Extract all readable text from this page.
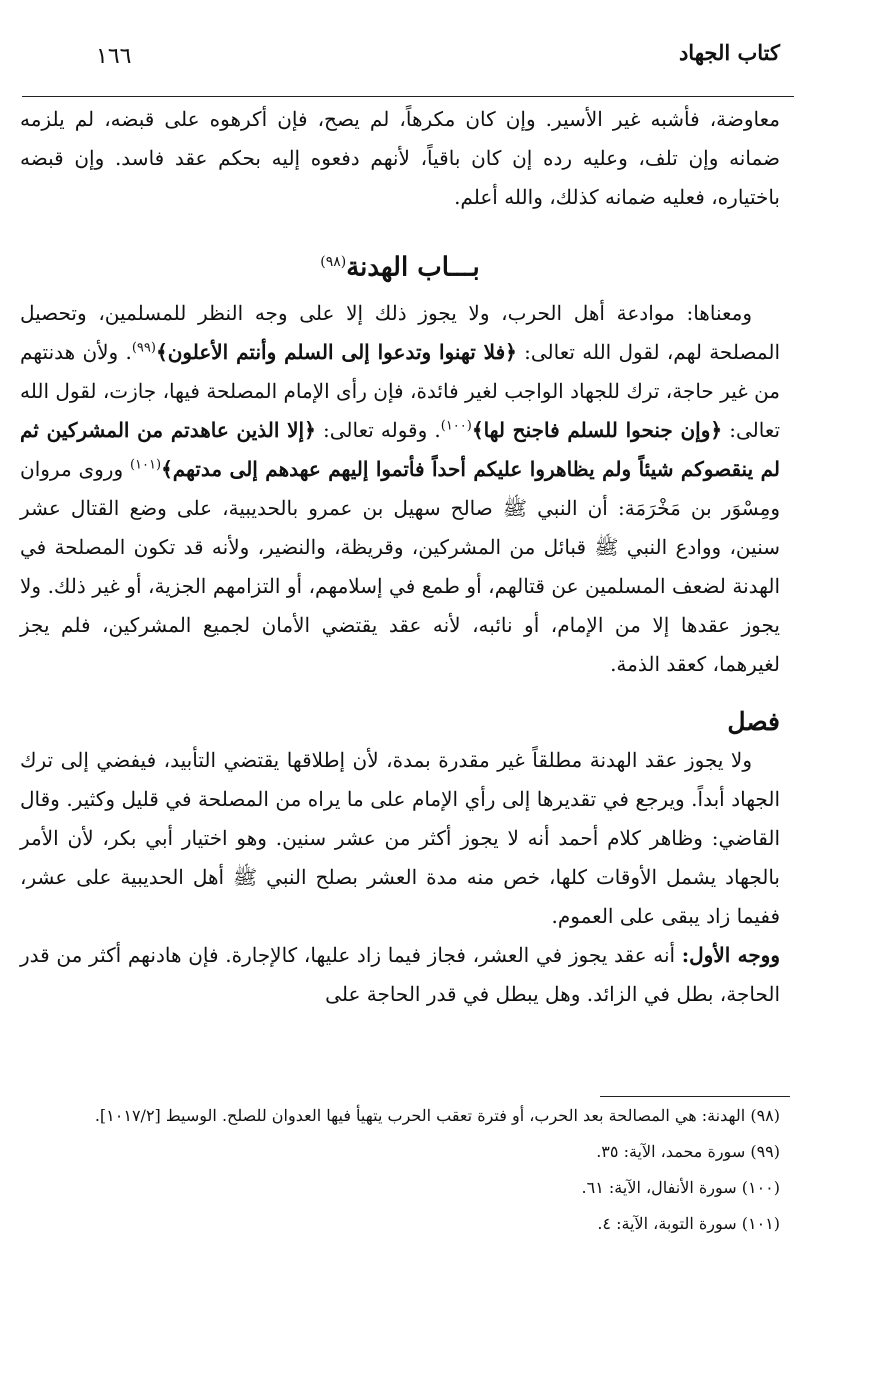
كتاب الجهاد
١٦٦

معاوضة، فأشبه غير الأسير. وإن كان مكرهاً، لم يصح، فإن أكرهوه على قبضه، لم يلزمه ضمانه وإن تلف، وعليه رده إن كان باقياً، لأنهم دفعوه إليه بحكم عقد فاسد. وإن قبضه باختياره، فعليه ضمانه كذلك، والله أعلم.

بـــاب الهدنة$^{(٩٨)}$

ومعناها: موادعة أهل الحرب، ولا يجوز ذلك إلا على وجه النظر للمسلمين، وتحصيل المصلحة لهم، لقول الله تعالى: ﴿فلا تهنوا وتدعوا إلى السلم وأنتم الأعلون﴾$^{(٩٩)}$. ولأن هدنتهم من غير حاجة، ترك للجهاد الواجب لغير فائدة، فإن رأى الإمام المصلحة فيها، جازت، لقول الله تعالى: ﴿وإن جنحوا للسلم فاجنح لها﴾$^{(١٠٠)}$. وقوله تعالى: ﴿إلا الذين عاهدتم من المشركين ثم لم ينقصوكم شيئاً ولم يظاهروا عليكم أحداً فأتموا إليهم عهدهم إلى مدتهم﴾$^{(١٠١)}$ وروى مروان ومِسْوَر بن مَخْرَمَة: أن النبي ﷺ صالح سهيل بن عمرو بالحديبية، على وضع القتال عشر سنين، ووادع النبي ﷺ قبائل من المشركين، وقريظة، والنضير، ولأنه قد تكون المصلحة في الهدنة لضعف المسلمين عن قتالهم، أو طمع في إسلامهم، أو التزامهم الجزية، أو غير ذلك. ولا يجوز عقدها إلا من الإمام، أو نائبه، لأنه عقد يقتضي الأمان لجميع المشركين، فلم يجز لغيرهما، كعقد الذمة.

فصل

ولا يجوز عقد الهدنة مطلقاً غير مقدرة بمدة، لأن إطلاقها يقتضي التأبيد، فيفضي إلى ترك الجهاد أبداً. ويرجع في تقديرها إلى رأي الإمام على ما يراه من المصلحة في قليل وكثير. وقال القاضي: وظاهر كلام أحمد أنه لا يجوز أكثر من عشر سنين. وهو اختيار أبي بكر، لأن الأمر بالجهاد يشمل الأوقات كلها، خص منه مدة العشر بصلح النبي ﷺ أهل الحديبية على عشر، ففيما زاد يبقى على العموم.

ووجه الأول: أنه عقد يجوز في العشر، فجاز فيما زاد عليها، كالإجارة. فإن هادنهم أكثر من قدر الحاجة، بطل في الزائد. وهل يبطل في قدر الحاجة على

(٩٨) الهدنة: هي المصالحة بعد الحرب، أو فترة تعقب الحرب يتهيأ فيها العدوان للصلح. الوسيط [١٠١٧/٢].

(٩٩) سورة محمد، الآية: ٣٥.

(١٠٠) سورة الأنفال، الآية: ٦١.

(١٠١) سورة التوبة، الآية: ٤.
